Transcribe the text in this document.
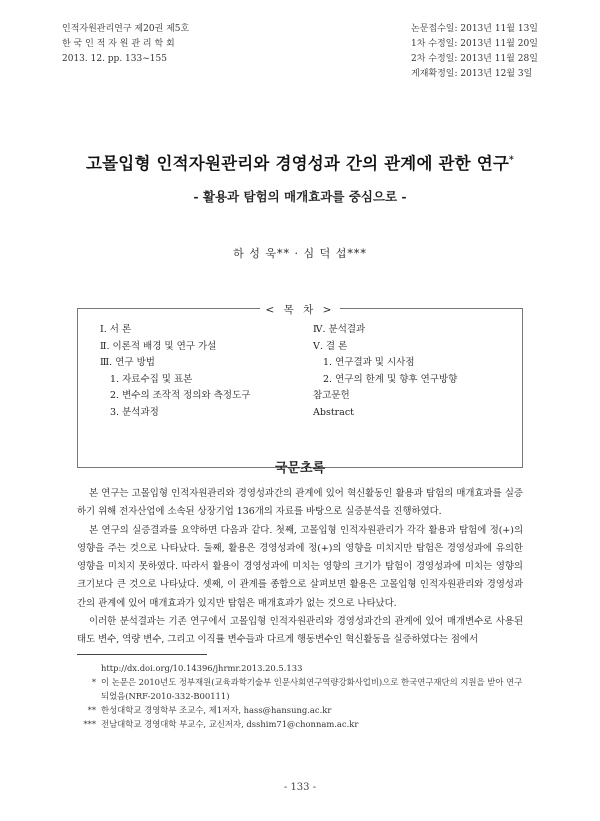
인적자원관리연구 제20권 제5호
한 국 인 적 자 원 관 리 학 회
2013. 12. pp. 133~155
논문접수일: 2013년 11월 13일
1차 수정일: 2013년 11월 20일
2차 수정일: 2013년 11월 28일
게재확정일: 2013년 12월 3일
고몰입형 인적자원관리와 경영성과 간의 관계에 관한 연구*
- 활용과 탐험의 매개효과를 중심으로 -
하 성 욱** · 심 덕 섭***
< 목 차 >
Ⅰ. 서 론
Ⅱ. 이론적 배경 및 연구 가설
Ⅲ. 연구 방법
1. 자료수집 및 표본
2. 변수의 조작적 정의와 측정도구
3. 분석과정
Ⅳ. 분석결과
Ⅴ. 결 론
1. 연구결과 및 시사점
2. 연구의 한계 및 향후 연구방향
참고문헌
Abstract
국문초록

본 연구는 고몰입형 인적자원관리와 경영성과간의 관계에 있어 혁신활동인 활용과 탐험의 매개효과를 실증하기 위해 전자산업에 소속된 상장기업 136개의 자료를 바탕으로 실증분석을 진행하였다.

본 연구의 실증결과를 요약하면 다음과 같다. 첫째, 고몰입형 인적자원관리가 각각 활용과 탐험에 정(+)의 영향을 주는 것으로 나타났다. 둘째, 활용은 경영성과에 정(+)의 영향을 미치지만 탐험은 경영성과에 유의한 영향을 미치지 못하였다. 따라서 활용이 경영성과에 미치는 영향의 크기가 탐험이 경영성과에 미치는 영향의 크기보다 큰 것으로 나타났다. 셋째, 이 관계를 종합으로 살펴보면 활용은 고몰입형 인적자원관리와 경영성과간의 관계에 있어 매개효과가 있지만 탐험은 매개효과가 없는 것으로 나타났다.

이러한 분석결과는 기존 연구에서 고몰입형 인적자원관리와 경영성과간의 관계에 있어 매개변수로 사용된 태도 변수, 역량 변수, 그리고 이직률 변수들과 다르게 행동변수인 혁신활동을 실증하였다는 점에서

http://dx.doi.org/10.14396/jhrmr.2013.20.5.133
* 이 논문은 2010년도 정부재원(교육과학기술부 인문사회연구역량강화사업비)으로 한국연구재단의 지원을 받아 연구되었음(NRF-2010-332-B00111)
** 한성대학교 경영학부 조교수, 제1저자, hass@hansung.ac.kr
*** 전남대학교 경영대학 부교수, 교신저자, dsshim71@chonnam.ac.kr
- 133 -
